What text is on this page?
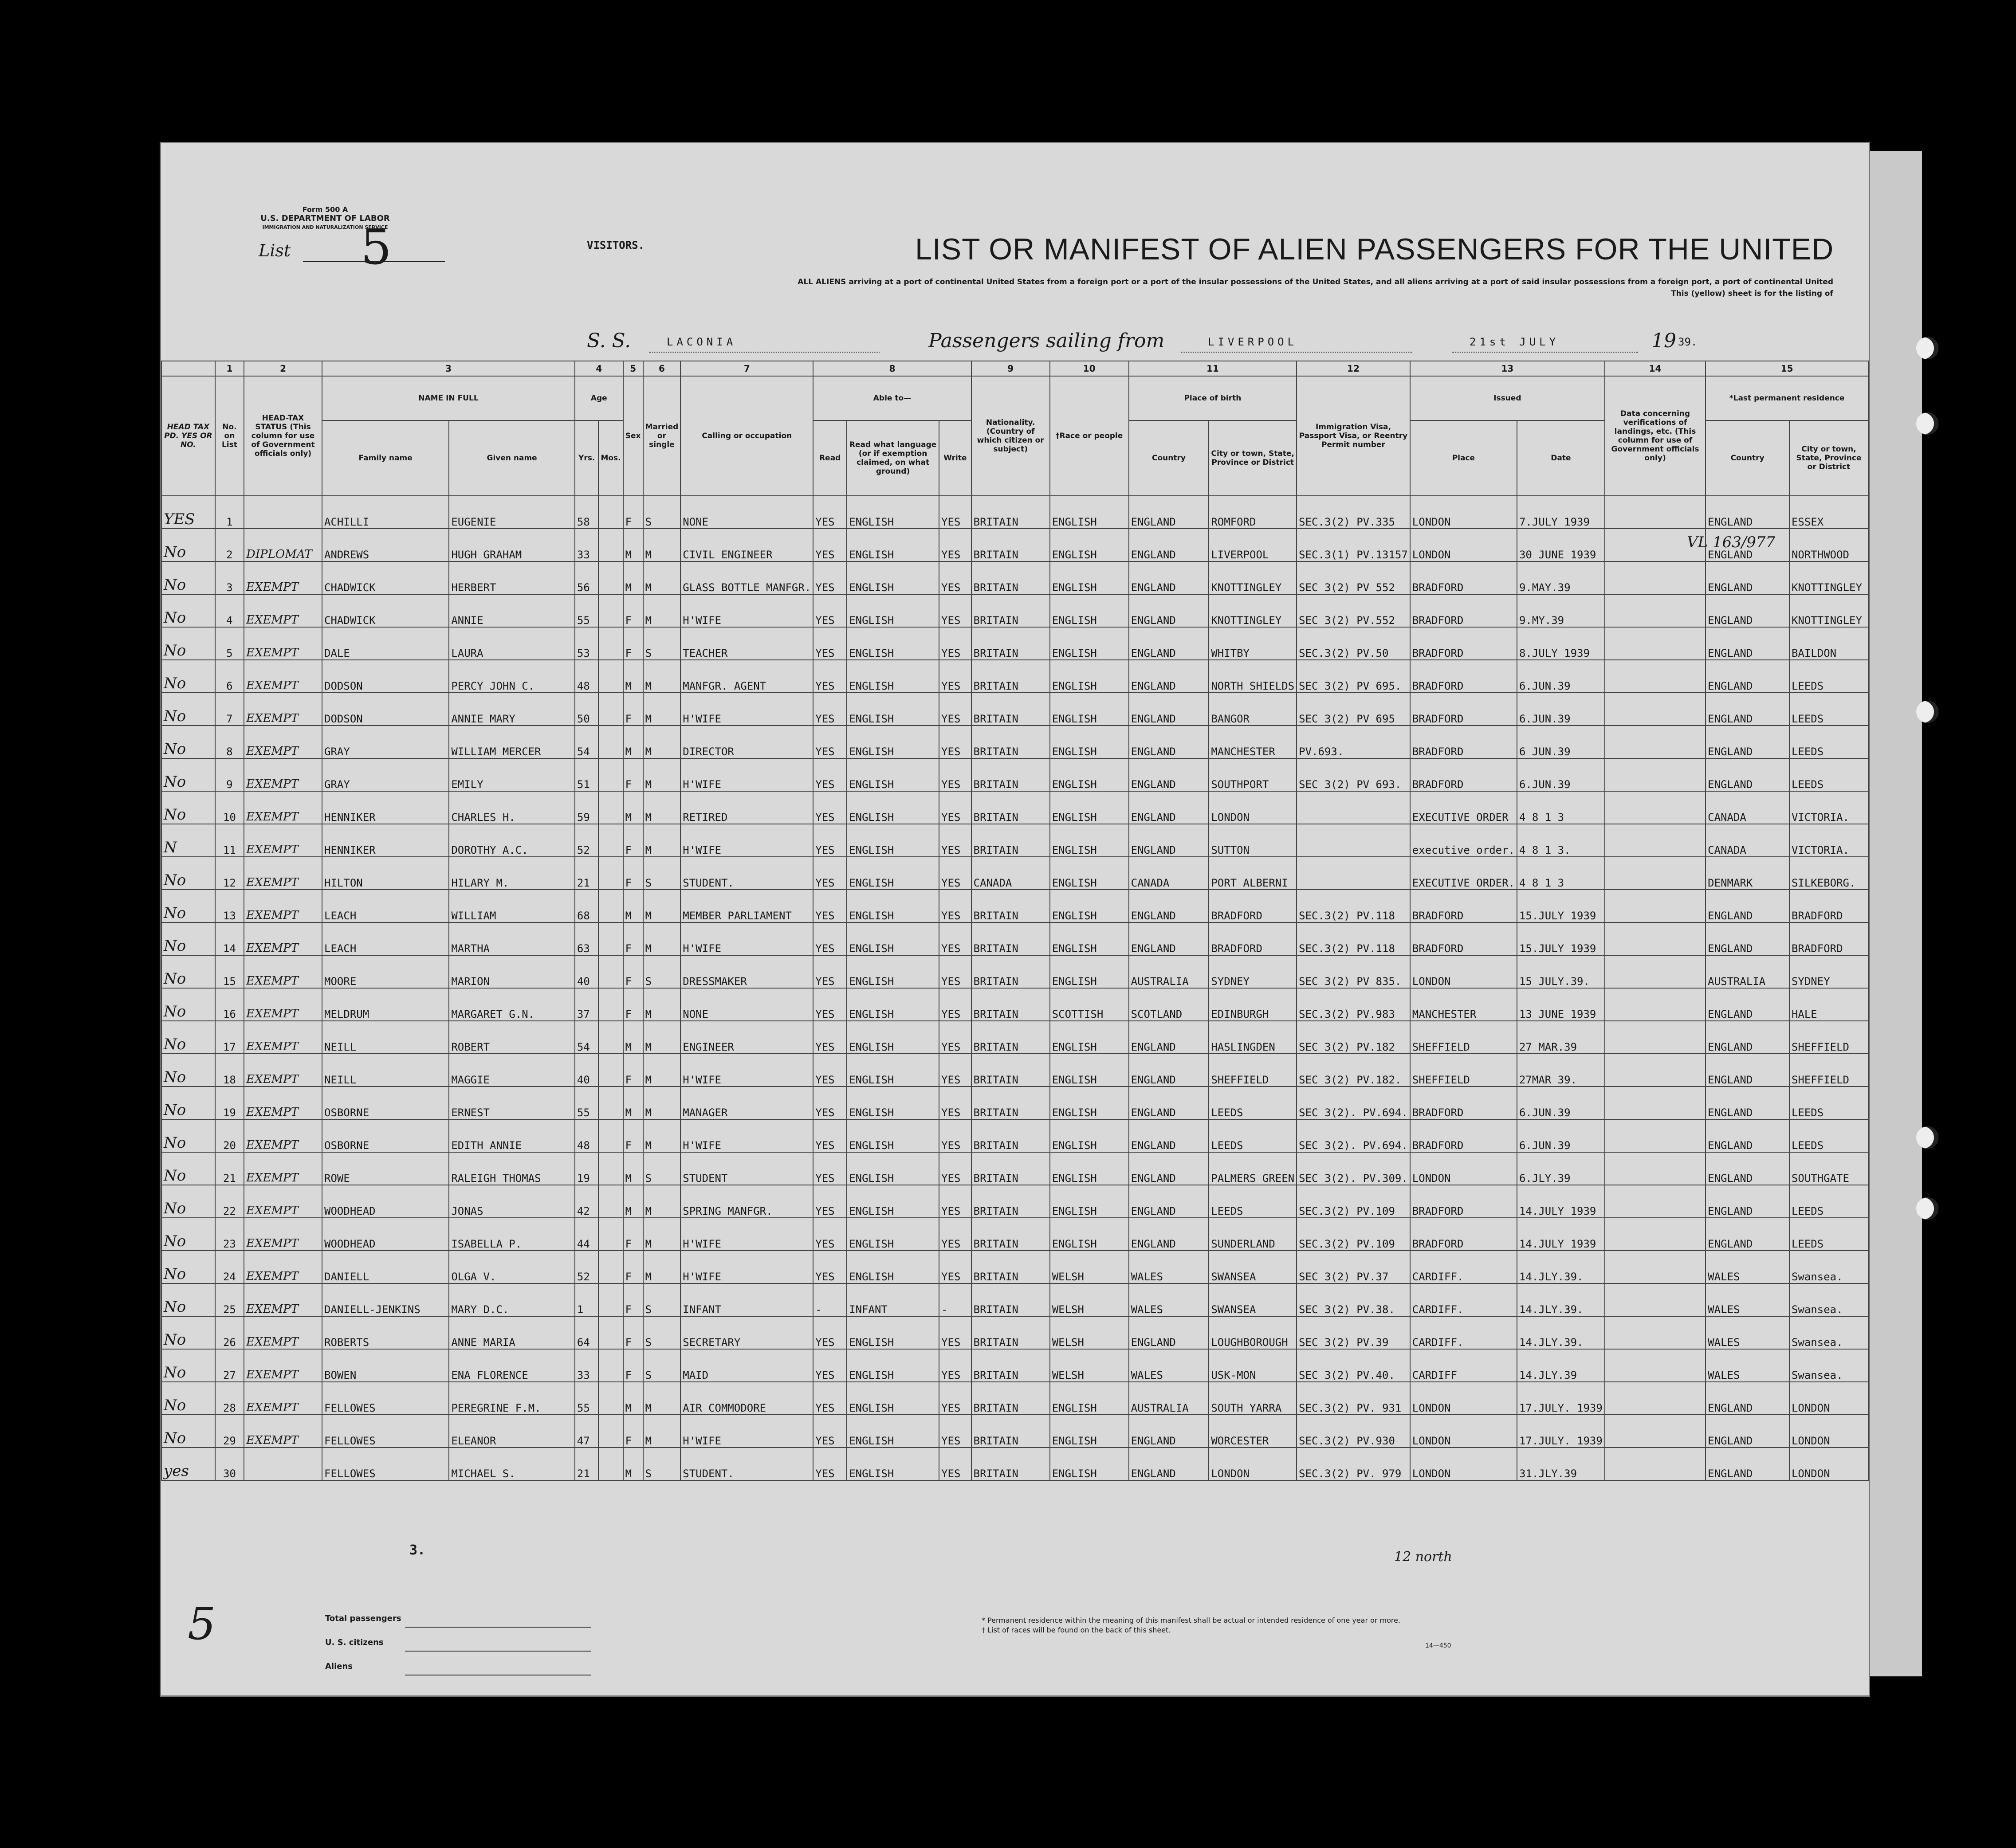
Form 500 A
U.S. DEPARTMENT OF LABOR
IMMIGRATION AND NATURALIZATION SERVICE
List 5	VISITORS.	LIST OR MANIFEST OF ALIEN PASSENGERS FOR THE UNITED
ALL ALIENS arriving at a port of continental United States from a foreign port or a port of the insular possessions of the United States, and all aliens arriving at a port of said insular possessions from a foreign port, a port of continental United
This (yellow) sheet is for the listing of
S. S.	LACONIA	Passengers sailing from	LIVERPOOL	21st JULY	19 39.
	1	2	3		4		5	6	7	8			9	10	11		12	13		14	15	
HEAD TAX PD. YES OR NO.	No. on List	HEAD-TAX STATUS (This column for use of Government officials only)	NAME IN FULL		Age		Sex	Married or single	Calling or occupation	Able to—			Nationality. (Country of which citizen or subject)	†Race or people	Place of birth		Immigration Visa, Passport Visa, or Reentry Permit number	Issued		Data concerning verifications of landings, etc. (This column for use of Government officials only)	*Last permanent residence	
			Family name	Given name	Yrs.	Mos.				Read	Read what language (or if exemption claimed, on what ground)	Write			Country	City or town, State, Province or District		Place	Date		Country	City or town, State, Province or District
YES	1		ACHILLI	EUGENIE	58		F	S	NONE	YES	ENGLISH	YES	BRITAIN	ENGLISH	ENGLAND	ROMFORD	SEC.3(2) PV.335	LONDON	7.JULY 1939		ENGLAND	ESSEX
No	2	DIPLOMAT	ANDREWS	HUGH GRAHAM	33		M	M	CIVIL ENGINEER	YES	ENGLISH	YES	BRITAIN	ENGLISH	ENGLAND	LIVERPOOL	SEC.3(1) PV.13157	LONDON	30 JUNE 1939		ENGLAND	NORTHWOOD
No	3	EXEMPT	CHADWICK	HERBERT	56		M	M	GLASS BOTTLE MANFGR.	YES	ENGLISH	YES	BRITAIN	ENGLISH	ENGLAND	KNOTTINGLEY	SEC 3(2) PV 552	BRADFORD	9.MAY.39		ENGLAND	KNOTTINGLEY
No	4	EXEMPT	CHADWICK	ANNIE	55		F	M	H'WIFE	YES	ENGLISH	YES	BRITAIN	ENGLISH	ENGLAND	KNOTTINGLEY	SEC 3(2) PV.552	BRADFORD	9.MY.39		ENGLAND	KNOTTINGLEY
No	5	EXEMPT	DALE	LAURA	53		F	S	TEACHER	YES	ENGLISH	YES	BRITAIN	ENGLISH	ENGLAND	WHITBY	SEC.3(2) PV.50	BRADFORD	8.JULY 1939		ENGLAND	BAILDON
No	6	EXEMPT	DODSON	PERCY JOHN C.	48		M	M	MANFGR. AGENT	YES	ENGLISH	YES	BRITAIN	ENGLISH	ENGLAND	NORTH SHIELDS	SEC 3(2) PV 695.	BRADFORD	6.JUN.39		ENGLAND	LEEDS
No	7	EXEMPT	DODSON	ANNIE MARY	50		F	M	H'WIFE	YES	ENGLISH	YES	BRITAIN	ENGLISH	ENGLAND	BANGOR	SEC 3(2) PV 695	BRADFORD	6.JUN.39		ENGLAND	LEEDS
No	8	EXEMPT	GRAY	WILLIAM MERCER	54		M	M	DIRECTOR	YES	ENGLISH	YES	BRITAIN	ENGLISH	ENGLAND	MANCHESTER	PV.693.	BRADFORD	6 JUN.39		ENGLAND	LEEDS
No	9	EXEMPT	GRAY	EMILY	51		F	M	H'WIFE	YES	ENGLISH	YES	BRITAIN	ENGLISH	ENGLAND	SOUTHPORT	SEC 3(2) PV 693.	BRADFORD	6.JUN.39		ENGLAND	LEEDS
No	10	EXEMPT	HENNIKER	CHARLES H.	59		M	M	RETIRED	YES	ENGLISH	YES	BRITAIN	ENGLISH	ENGLAND	LONDON		EXECUTIVE ORDER	4 8 1 3		CANADA	VICTORIA.
N	11	EXEMPT	HENNIKER	DOROTHY A.C.	52		F	M	H'WIFE	YES	ENGLISH	YES	BRITAIN	ENGLISH	ENGLAND	SUTTON		executive order.	4 8 1 3.		CANADA	VICTORIA.
No	12	EXEMPT	HILTON	HILARY M.	21		F	S	STUDENT.	YES	ENGLISH	YES	CANADA	ENGLISH	CANADA	PORT ALBERNI		EXECUTIVE ORDER.	4 8 1 3		DENMARK	SILKEBORG.
No	13	EXEMPT	LEACH	WILLIAM	68		M	M	MEMBER PARLIAMENT	YES	ENGLISH	YES	BRITAIN	ENGLISH	ENGLAND	BRADFORD	SEC.3(2) PV.118	BRADFORD	15.JULY 1939		ENGLAND	BRADFORD
No	14	EXEMPT	LEACH	MARTHA	63		F	M	H'WIFE	YES	ENGLISH	YES	BRITAIN	ENGLISH	ENGLAND	BRADFORD	SEC.3(2) PV.118	BRADFORD	15.JULY 1939		ENGLAND	BRADFORD
No	15	EXEMPT	MOORE	MARION	40		F	S	DRESSMAKER	YES	ENGLISH	YES	BRITAIN	ENGLISH	AUSTRALIA	SYDNEY	SEC 3(2) PV 835.	LONDON	15 JULY.39.		AUSTRALIA	SYDNEY
No	16	EXEMPT	MELDRUM	MARGARET G.N.	37		F	M	NONE	YES	ENGLISH	YES	BRITAIN	SCOTTISH	SCOTLAND	EDINBURGH	SEC.3(2) PV.983	MANCHESTER	13 JUNE 1939		ENGLAND	HALE
No	17	EXEMPT	NEILL	ROBERT	54		M	M	ENGINEER	YES	ENGLISH	YES	BRITAIN	ENGLISH	ENGLAND	HASLINGDEN	SEC 3(2) PV.182	SHEFFIELD	27 MAR.39		ENGLAND	SHEFFIELD
No	18	EXEMPT	NEILL	MAGGIE	40		F	M	H'WIFE	YES	ENGLISH	YES	BRITAIN	ENGLISH	ENGLAND	SHEFFIELD	SEC 3(2) PV.182.	SHEFFIELD	27MAR 39.		ENGLAND	SHEFFIELD
No	19	EXEMPT	OSBORNE	ERNEST	55		M	M	MANAGER	YES	ENGLISH	YES	BRITAIN	ENGLISH	ENGLAND	LEEDS	SEC 3(2). PV.694.	BRADFORD	6.JUN.39		ENGLAND	LEEDS
No	20	EXEMPT	OSBORNE	EDITH ANNIE	48		F	M	H'WIFE	YES	ENGLISH	YES	BRITAIN	ENGLISH	ENGLAND	LEEDS	SEC 3(2). PV.694.	BRADFORD	6.JUN.39		ENGLAND	LEEDS
No	21	EXEMPT	ROWE	RALEIGH THOMAS	19		M	S	STUDENT	YES	ENGLISH	YES	BRITAIN	ENGLISH	ENGLAND	PALMERS GREEN	SEC 3(2). PV.309.	LONDON	6.JLY.39		ENGLAND	SOUTHGATE
No	22	EXEMPT	WOODHEAD	JONAS	42		M	M	SPRING MANFGR.	YES	ENGLISH	YES	BRITAIN	ENGLISH	ENGLAND	LEEDS	SEC.3(2) PV.109	BRADFORD	14.JULY 1939		ENGLAND	LEEDS
No	23	EXEMPT	WOODHEAD	ISABELLA P.	44		F	M	H'WIFE	YES	ENGLISH	YES	BRITAIN	ENGLISH	ENGLAND	SUNDERLAND	SEC.3(2) PV.109	BRADFORD	14.JULY 1939		ENGLAND	LEEDS
No	24	EXEMPT	DANIELL	OLGA V.	52		F	M	H'WIFE	YES	ENGLISH	YES	BRITAIN	WELSH	WALES	SWANSEA	SEC 3(2) PV.37	CARDIFF.	14.JLY.39.		WALES	Swansea.
No	25	EXEMPT	DANIELL-JENKINS	MARY D.C.	1		F	S	INFANT	-	INFANT	-	BRITAIN	WELSH	WALES	SWANSEA	SEC 3(2) PV.38.	CARDIFF.	14.JLY.39.		WALES	Swansea.
No	26	EXEMPT	ROBERTS	ANNE MARIA	64		F	S	SECRETARY	YES	ENGLISH	YES	BRITAIN	WELSH	ENGLAND	LOUGHBOROUGH	SEC 3(2) PV.39	CARDIFF.	14.JLY.39.		WALES	Swansea.
No	27	EXEMPT	BOWEN	ENA FLORENCE	33		F	S	MAID	YES	ENGLISH	YES	BRITAIN	WELSH	WALES	USK-MON	SEC 3(2) PV.40.	CARDIFF	14.JLY.39		WALES	Swansea.
No	28	EXEMPT	FELLOWES	PEREGRINE F.M.	55		M	M	AIR COMMODORE	YES	ENGLISH	YES	BRITAIN	ENGLISH	AUSTRALIA	SOUTH YARRA	SEC.3(2) PV. 931	LONDON	17.JULY. 1939		ENGLAND	LONDON
No	29	EXEMPT	FELLOWES	ELEANOR	47		F	M	H'WIFE	YES	ENGLISH	YES	BRITAIN	ENGLISH	ENGLAND	WORCESTER	SEC.3(2) PV.930	LONDON	17.JULY. 1939		ENGLAND	LONDON
yes	30		FELLOWES	MICHAEL S.	21		M	S	STUDENT.	YES	ENGLISH	YES	BRITAIN	ENGLISH	ENGLAND	LONDON	SEC.3(2) PV. 979	LONDON	31.JLY.39		ENGLAND	LONDON
VL 163/977
3.	12 north
Total passengers
U. S. citizens
Aliens
* Permanent residence within the meaning of this manifest shall be actual or intended residence of one year or more.
† List of races will be found on the back of this sheet.
14—450
5
